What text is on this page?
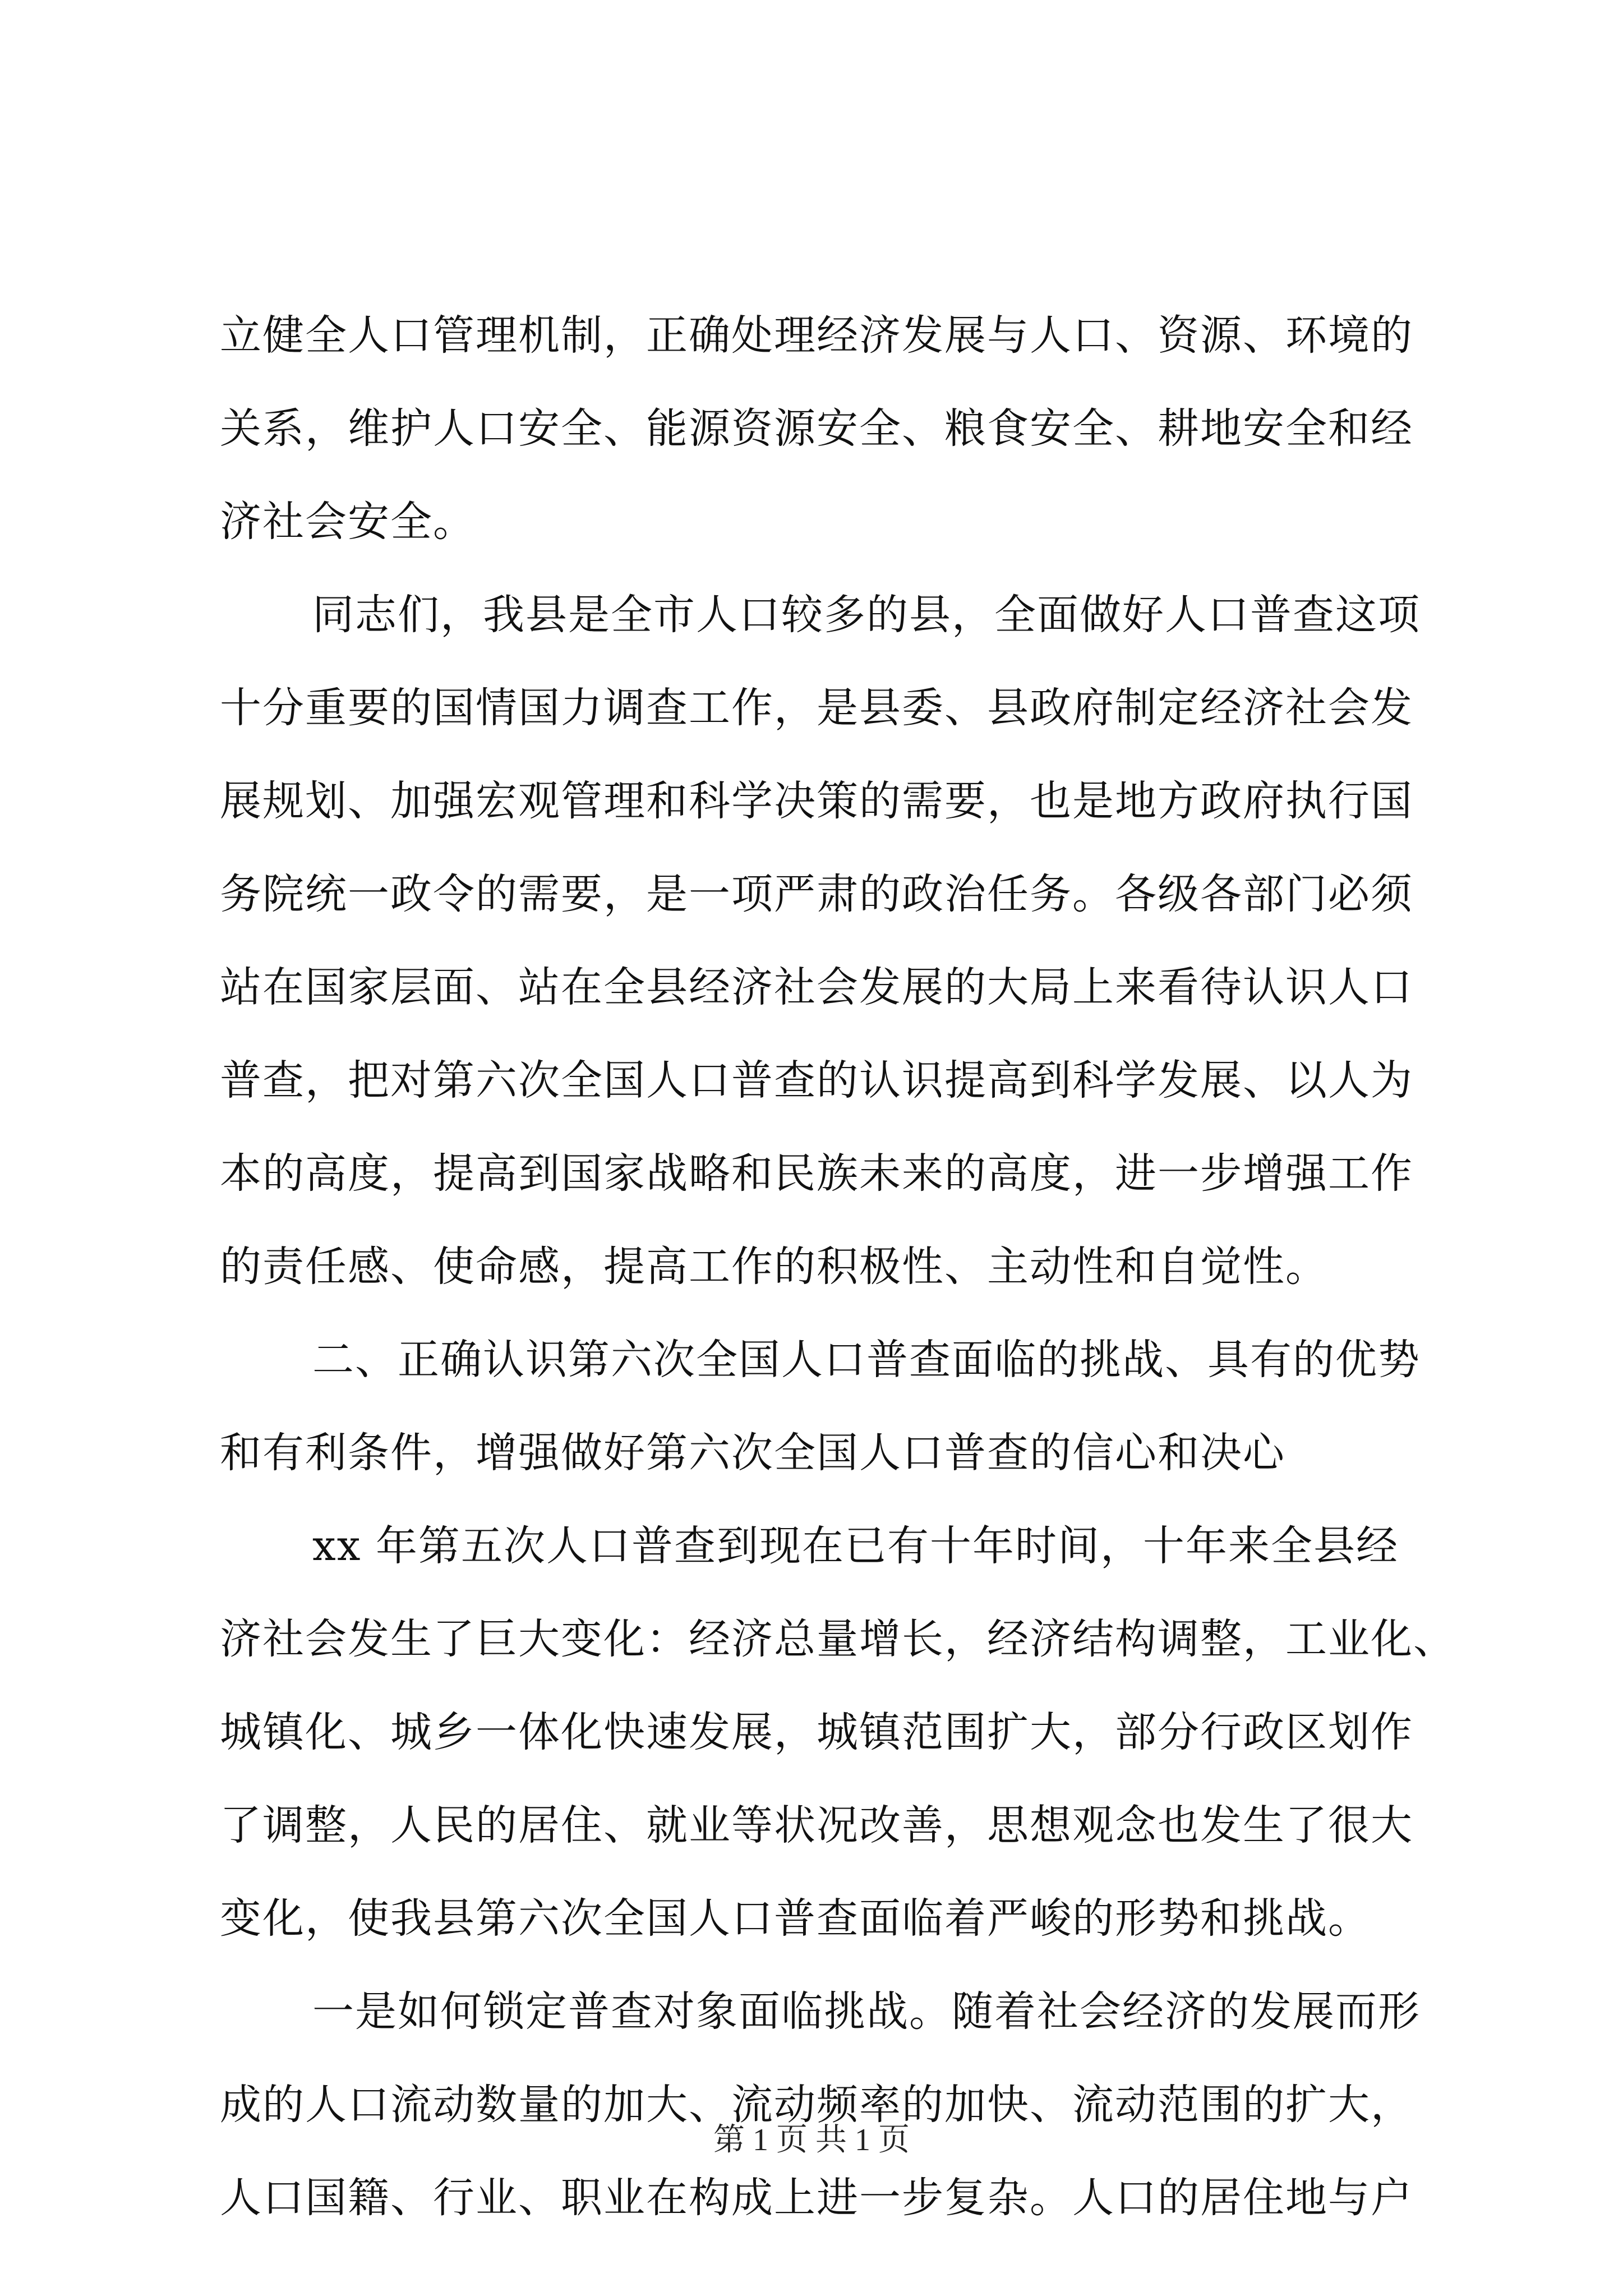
立健全人口管理机制，正确处理经济发展与人口、资源、环境的
关系，维护人口安全、能源资源安全、粮食安全、耕地安全和经
济社会安全。
同志们，我县是全市人口较多的县，全面做好人口普查这项
十分重要的国情国力调查工作，是县委、县政府制定经济社会发
展规划、加强宏观管理和科学决策的需要，也是地方政府执行国
务院统一政令的需要，是一项严肃的政治任务。各级各部门必须
站在国家层面、站在全县经济社会发展的大局上来看待认识人口
普查，把对第六次全国人口普查的认识提高到科学发展、以人为
本的高度，提高到国家战略和民族未来的高度，进一步增强工作
的责任感、使命感，提高工作的积极性、主动性和自觉性。
二、正确认识第六次全国人口普查面临的挑战、具有的优势
和有利条件，增强做好第六次全国人口普查的信心和决心
xx 年第五次人口普查到现在已有十年时间，十年来全县经
济社会发生了巨大变化：经济总量增长，经济结构调整，工业化、
城镇化、城乡一体化快速发展，城镇范围扩大，部分行政区划作
了调整，人民的居住、就业等状况改善，思想观念也发生了很大
变化，使我县第六次全国人口普查面临着严峻的形势和挑战。
一是如何锁定普查对象面临挑战。随着社会经济的发展而形
成的人口流动数量的加大、流动频率的加快、流动范围的扩大，
人口国籍、行业、职业在构成上进一步复杂。人口的居住地与户
第 1 页 共 1 页
